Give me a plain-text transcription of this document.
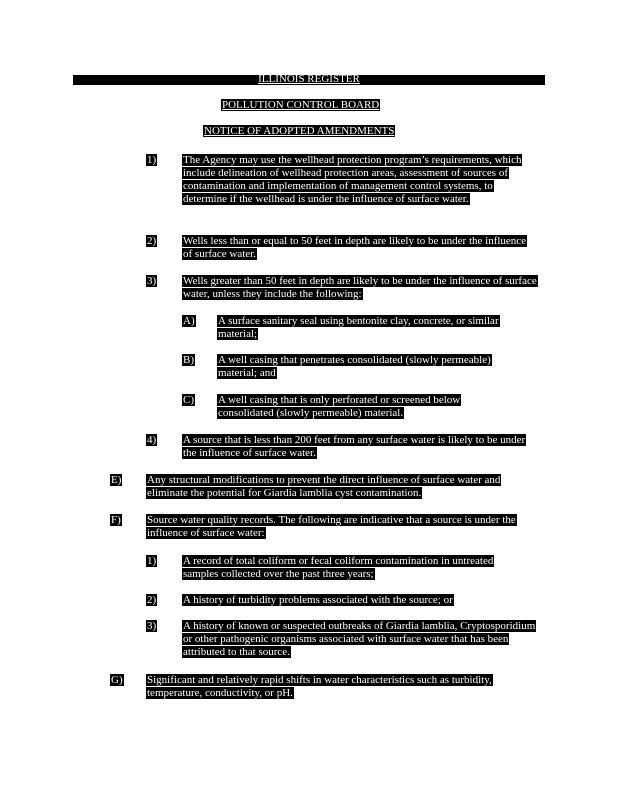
ILLINOIS REGISTER
POLLUTION CONTROL BOARD
NOTICE OF ADOPTED AMENDMENTS
1) The Agency may use the wellhead protection program’s requirements, which include delineation of wellhead protection areas, assessment of sources of contamination and implementation of management control systems, to determine if the wellhead is under the influence of surface water.
2) Wells less than or equal to 50 feet in depth are likely to be under the influence of surface water.
3) Wells greater than 50 feet in depth are likely to be under the influence of surface water, unless they include the following:
A) A surface sanitary seal using bentonite clay, concrete, or similar material;
B) A well casing that penetrates consolidated (slowly permeable) material; and
C) A well casing that is only perforated or screened below consolidated (slowly permeable) material.
4) A source that is less than 200 feet from any surface water is likely to be under the influence of surface water.
E) Any structural modifications to prevent the direct influence of surface water and eliminate the potential for Giardia lamblia cyst contamination.
F) Source water quality records. The following are indicative that a source is under the influence of surface water:
1) A record of total coliform or fecal coliform contamination in untreated samples collected over the past three years;
2) A history of turbidity problems associated with the source; or
3) A history of known or suspected outbreaks of Giardia lamblia, Cryptosporidium or other pathogenic organisms associated with surface water that has been attributed to that source.
G) Significant and relatively rapid shifts in water characteristics such as turbidity, temperature, conductivity, or pH.
